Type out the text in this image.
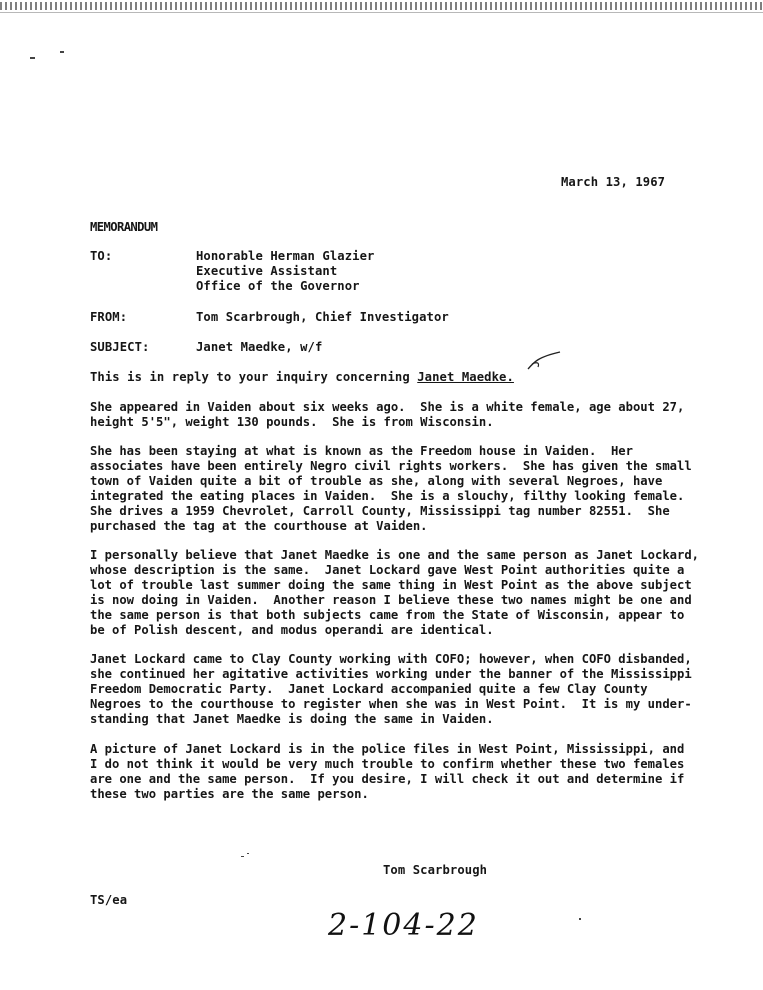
March 13, 1967
MEMORANDUM
TO:	Honorable Herman Glazier
Executive Assistant
Office of the Governor
FROM:	Tom Scarbrough, Chief Investigator
SUBJECT:	Janet Maedke, w/f
This is in reply to your inquiry concerning Janet Maedke.
She appeared in Vaiden about six weeks ago.  She is a white female, age about 27,
height 5'5", weight 130 pounds.  She is from Wisconsin.
She has been staying at what is known as the Freedom house in Vaiden.  Her
associates have been entirely Negro civil rights workers.  She has given the small
town of Vaiden quite a bit of trouble as she, along with several Negroes, have
integrated the eating places in Vaiden.  She is a slouchy, filthy looking female.
She drives a 1959 Chevrolet, Carroll County, Mississippi tag number 82551.  She
purchased the tag at the courthouse at Vaiden.
I personally believe that Janet Maedke is one and the same person as Janet Lockard,
whose description is the same.  Janet Lockard gave West Point authorities quite a
lot of trouble last summer doing the same thing in West Point as the above subject
is now doing in Vaiden.  Another reason I believe these two names might be one and
the same person is that both subjects came from the State of Wisconsin, appear to
be of Polish descent, and modus operandi are identical.
Janet Lockard came to Clay County working with COFO; however, when COFO disbanded,
she continued her agitative activities working under the banner of the Mississippi
Freedom Democratic Party.  Janet Lockard accompanied quite a few Clay County
Negroes to the courthouse to register when she was in West Point.  It is my under-
standing that Janet Maedke is doing the same in Vaiden.
A picture of Janet Lockard is in the police files in West Point, Mississippi, and
I do not think it would be very much trouble to confirm whether these two females
are one and the same person.  If you desire, I will check it out and determine if
these two parties are the same person.
Tom Scarbrough
TS/ea
2-104-22
